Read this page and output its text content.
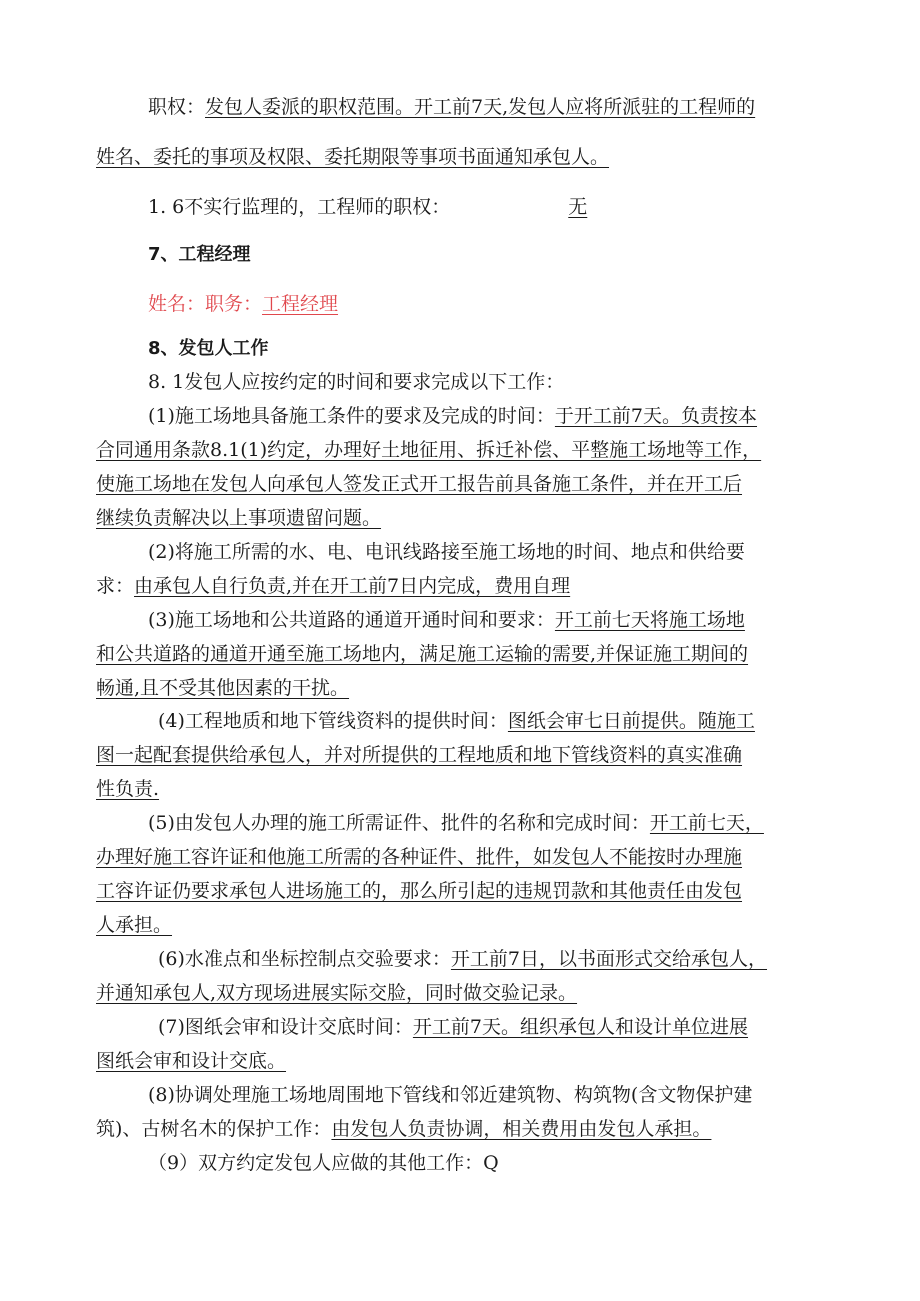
职权：发包人委派的职权范围。开工前7天,发包人应将所派驻的工程师的
姓名、委托的事项及权限、委托期限等事项书面通知承包人。
1. 6不实行监理的，工程师的职权：	无
7、工程经理
姓名：职务：工程经理
8、发包人工作
8. 1发包人应按约定的时间和要求完成以下工作：
(1)施工场地具备施工条件的要求及完成的时间：于开工前7天。负责按本
合同通用条款8.1(1)约定，办理好土地征用、拆迁补偿、平整施工场地等工作，
使施工场地在发包人向承包人签发正式开工报告前具备施工条件，并在开工后
继续负责解决以上事项遗留问题。
(2)将施工所需的水、电、电讯线路接至施工场地的时间、地点和供给要
求：由承包人自行负责,并在开工前7日内完成，费用自理
(3)施工场地和公共道路的通道开通时间和要求：开工前七天将施工场地
和公共道路的通道开通至施工场地内，满足施工运输的需要,并保证施工期间的
畅通,且不受其他因素的干扰。
(4)工程地质和地下管线资料的提供时间：图纸会审七日前提供。随施工
图一起配套提供给承包人，并对所提供的工程地质和地下管线资料的真实准确
性负责.
(5)由发包人办理的施工所需证件、批件的名称和完成时间：开工前七天，
办理好施工容许证和他施工所需的各种证件、批件，如发包人不能按时办理施
工容许证仍要求承包人进场施工的，那么所引起的违规罚款和其他责任由发包
人承担。
(6)水准点和坐标控制点交验要求：开工前7日，以书面形式交给承包人，
并通知承包人,双方现场进展实际交脸，同时做交验记录。
(7)图纸会审和设计交底时间：开工前7天。组织承包人和设计单位进展
图纸会审和设计交底。
(8)协调处理施工场地周围地下管线和邻近建筑物、构筑物(含文物保护建
筑)、古树名木的保护工作：由发包人负责协调，相关费用由发包人承担。
（9）双方约定发包人应做的其他工作：Q
